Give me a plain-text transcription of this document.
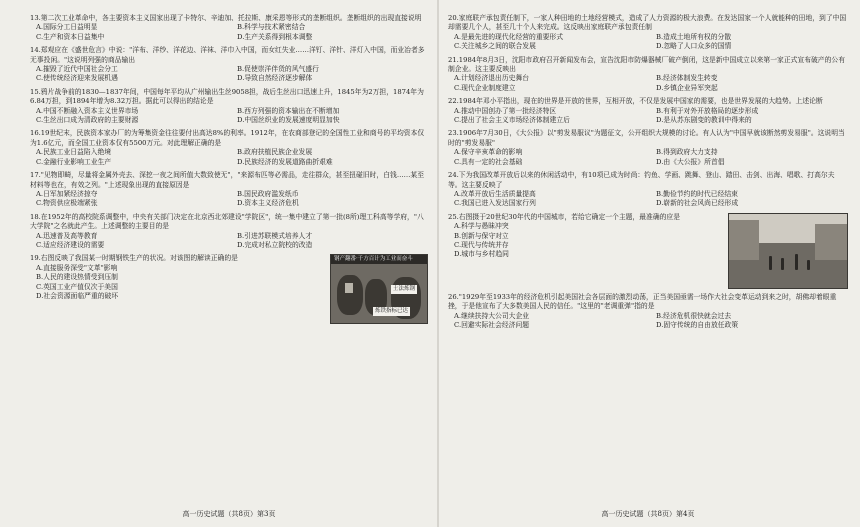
13.第二次工业革命中，各主要资本主义国家出现了卡特尔、辛迪加、托拉斯、康采恩等形式的垄断组织。垄断组织的出现直接说明

A.国际分工日益明显	B.科学与技术紧密结合
C.生产和资本日益集中	D.生产关系得到根本调整

14.郑观应在《盛世危言》中说："洋布、洋纱、洋花边、洋袜、洋巾入中国，而女红失业……洋钉、洋针、洋灯入中国，而业冶者多无事投闲。"这说明列强的商品输出

A.摧毁了近代中国社会分工	B.促使崇洋伴货的风气盛行
C.使传统经济迎来发展机遇	D.导致自然经济逐步解体

15.鸦片战争前的1830—1837年间，中国每年平均从广州输出生丝9058担，战后生丝出口迅速上升，1845年为2万担，1874年为6.84万担，到1894年增为8.32万担。据此可以得出的结论是

A.中国不断融入资本主义世界市场	B.西方列强的资本输出在不断增加
C.生丝出口成为清政府的主要财源	D.中国丝织业的发展速度明显加快

16.19世纪末，民族资本家办厂的为筹集资金往往要付出高达8%的利率。1912年，在农商部登记的全国性工业和商号的平均资本仅为1.6亿元，而全国工业资本仅有5500万元。对此理解正确的是

A.民族工业日益陷入绝境	B.政府扶植民族企业发展
C.金融行业影响工业生产	D.民族经济的发展道路曲折艰难

17."见物即畸，尽量将金属外壳去、深挖一夜之间所值大数致使无"，"来源布匹等必需品，走往群众，甚至扭碰旧时，白钱……某至材料等也在，有效之列。"上述现象出现的直接原因是

A.日军加紧经济掠夺	B.国民政府滥发纸币
C.物资供应极端紧张	D.资本主义经济危机

18.在1952年的高校院系调整中，中央有关部门决定在北京西北郊建设"学院区"，统一集中建立了第一批(8所)理工科高等学府，"八大学院"之名就此产生。上述调整的主要目的是

A.迅速普及高等教育	B.引进苏联模式培养人才
C.适应经济建设的需要	D.完成对私立院校的改造

19.右图反映了我国某一时期钢铁生产的状况。对该图的解读正确的是

A.直接服务深受"文革"影响
B.人民的建设热情受到压制
C.英国工业产值仅次于美国
D.社会资源面临严重的破坏
钢产翻番·千方百计为工业而奋斗
土法炼钢
炼铁指标已达
高一历史试题（共8页）第3页

20.家庭联产承包责任制下，一家人种田地的土地经营模式，造成了人力资源的极大浪费。在发达国家一个人就能种的田地，到了中国却需要几个人，甚至几十个人来完成。这反映出家庭联产承包责任制

A.是最先进的现代化经营的重要形式	B.造成土地所有权的分散
C.关注城乡之间的联合发展	D.忽略了人口众多的国情

21.1984年8月3日，沈阳市政府召开新闻发布会，宣告沈阳市防爆器械厂破产倒闭，这是新中国成立以来第一家正式宣布破产的公有制企业。这主要反映出

A.计划经济退出历史舞台	B.经济体制发生转变
C.现代企业制度建立	D.乡镇企业异军突起

22.1984年邓小平指出，现在的世界是开放的世界，互相开放，不仅是发展中国家的需要，也是世界发展的大趋势。上述论断

A.推动中国创办了第一批经济特区	B.有利于对外开放格局的逐步形成
C.提出了社会主义市场经济体制建立后	D.是从苏东剧变的教训中得来的

23.1906年7月30日，《大公报》以"剪发易服议"为题征文，公开组织大规模的讨论。有人认为"中国早就该断然剪发易服"。这说明当时的"剪发易服"

A.保守辛亥革命的影响	B.得到政府大力支持
C.具有一定的社会基础	D.由《大公报》所首倡

24.下为我国改革开放后以来的休闲活动中，有10项已成为时尚：钓鱼、学画、跳舞、登山、踏田、击剑、出海、唱歌、打高尔夫等。这主要反映了

A.改革开放后生活质量提高	B.勤俭节约的时代已经结束
C.我国已进入发达国家行列	D.崭新的社会风尚已经形成

25.右图摄于20世纪30年代的中国城市，若给它确定一个主题，最准确的应是

A.科学与愚昧冲突
B.创新与保守对立
C.现代与传统并存
D.城市与乡村趋同

26."1929年至1933年的经济危机引起美国社会各层面的激烈动荡，正当美国亟需一场作大社会变革运动到来之时，胡佛却着眼重挫，于是他宣布了大多数美国人民的信任。"这里的"老调重弹"指的是

A.继续扶持大公司大企业	B.经济危机很快就会过去
C.回避实际社会经济问题	D.固守传统的自由放任政策
高一历史试题（共8页）第4页
